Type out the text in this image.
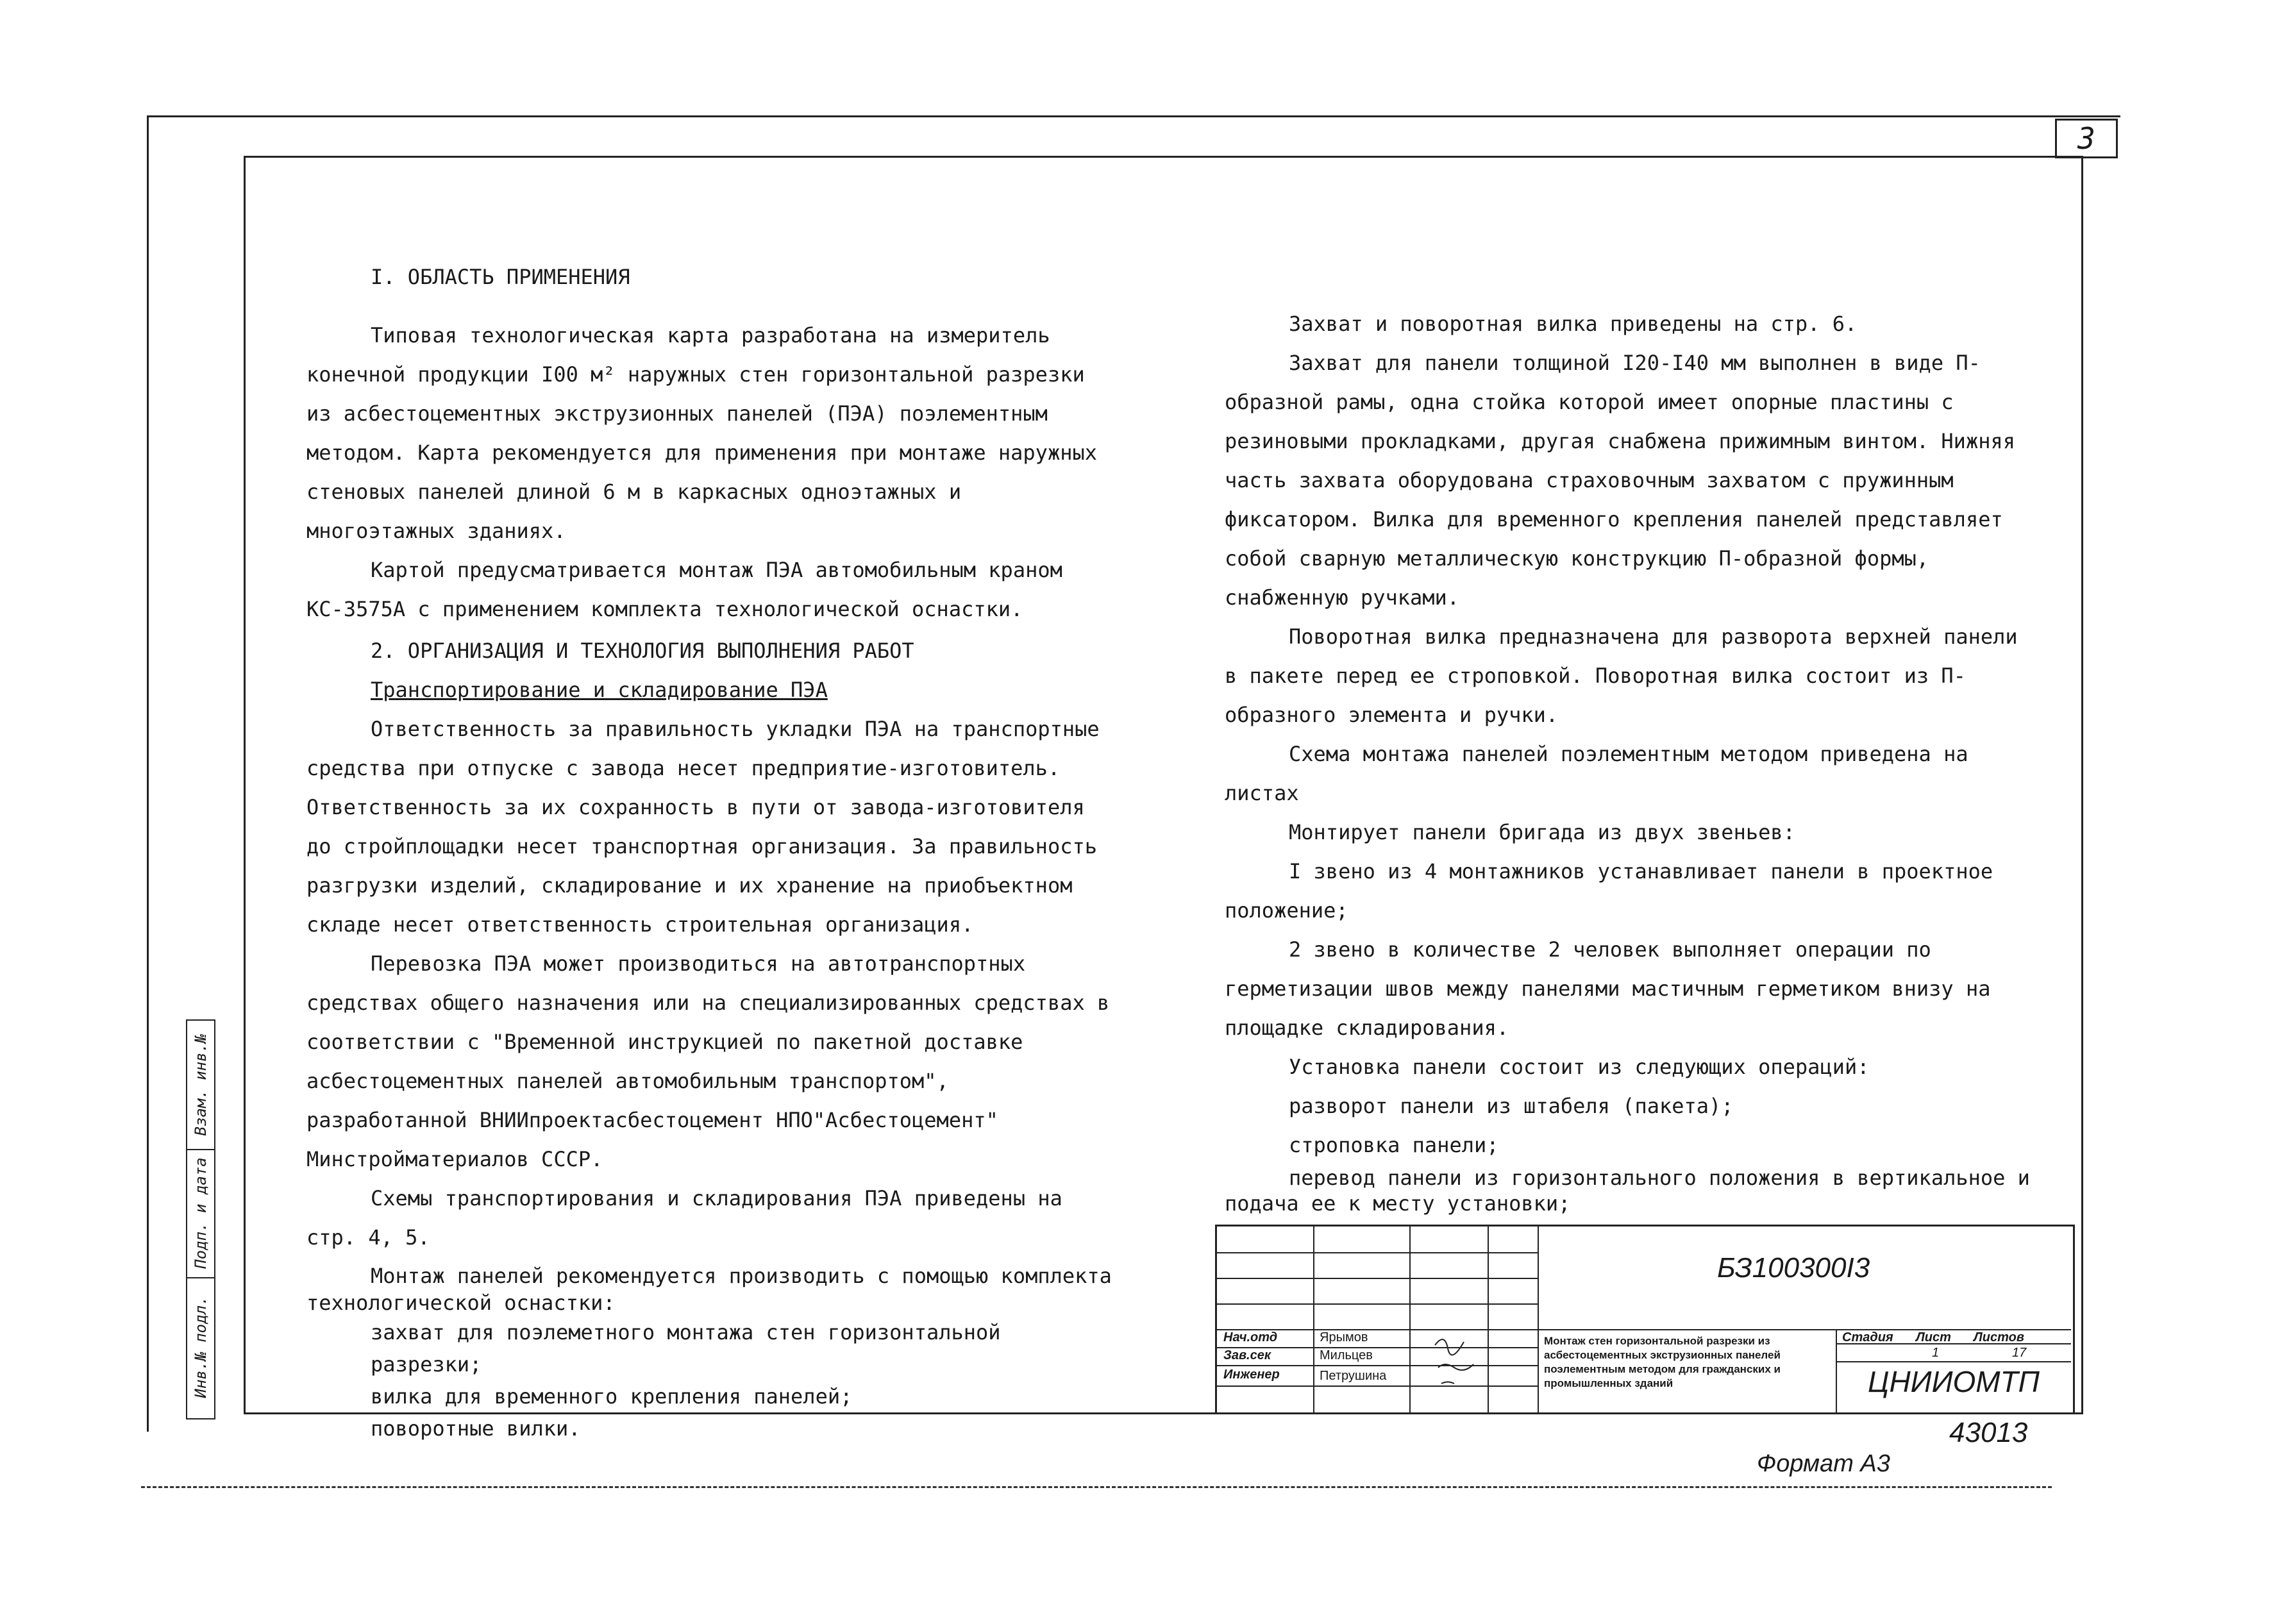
3
Взам. инв.№
Подп. и дата
Инв.№ подл.

I. ОБЛАСТЬ ПРИМЕНЕНИЯ

Типовая технологическая карта разработана на измеритель конечной продукции I00 м² наружных стен горизонтальной разрезки из асбестоцементных экструзионных панелей (ПЭА) поэлементным методом. Карта рекомендуется для применения при монтаже наружных стеновых панелей длиной 6 м в каркасных одноэтажных и многоэтажных зданиях.

Картой предусматривается монтаж ПЭА автомобильным краном КС-3575А с применением комплекта технологической оснастки.

2. ОРГАНИЗАЦИЯ И ТЕХНОЛОГИЯ ВЫПОЛНЕНИЯ РАБОТ

Транспортирование и складирование ПЭА

Ответственность за правильность укладки ПЭА на транспортные средства при отпуске с завода несет предприятие-изготовитель. Ответственность за их сохранность в пути от завода-изготовителя до стройплощадки несет транспортная организация. За правильность разгрузки изделий, складирование и их хранение на приобъектном складе несет ответственность строительная организация.

Перевозка ПЭА может производиться на автотранспортных средствах общего назначения или на специализированных средствах в соответствии с "Временной инструкцией по пакетной доставке асбестоцементных панелей автомобильным транспортом", разработанной ВНИИпроектасбестоцемент НПО"Асбестоцемент" Минстройматериалов СССР.

Схемы транспортирования и складирования ПЭА приведены на стр. 4, 5.

Монтаж панелей рекомендуется производить с помощью комплекта технологической оснастки:

захват для поэлеметного монтажа стен горизонтальной разрезки;

вилка для временного крепления панелей;

поворотные вилки.

Захват и поворотная вилка приведены на стр. 6.

Захват для панели толщиной I20-I40 мм выполнен в виде П-образной рамы, одна стойка которой имеет опорные пластины с резиновыми прокладками, другая снабжена прижимным винтом. Нижняя часть захвата оборудована страховочным захватом с пружинным фиксатором. Вилка для временного крепления панелей представляет собой сварную металлическую конструкцию П-образной формы, снабженную ручками.

Поворотная вилка предназначена для разворота верхней панели в пакете перед ее строповкой. Поворотная вилка состоит из П-образного элемента и ручки.

Схема монтажа панелей поэлементным методом приведена на листах

Монтирует панели бригада из двух звеньев:

I звено из 4 монтажников устанавливает панели в проектное положение;

2 звено в количестве 2 человек выполняет операции по герметизации швов между панелями мастичным герметиком внизу на площадке складирования.

Установка панели состоит из следующих операций:

разворот панели из штабеля (пакета);

строповка панели;

перевод панели из горизонтального положения в вертикальное и подача ее к месту установки;

БЗ100300I3
Нач.отд	Ярымов
Зав.сек	Мильцев
Инженер	Петрушина
Монтаж стен горизонтальной разрезки из асбестоцементных экструзионных панелей поэлементным методом для гражданских и промышленных зданий
Стадия Лист Листов
1	17
ЦНИИОМТП
43013
Формат А3
